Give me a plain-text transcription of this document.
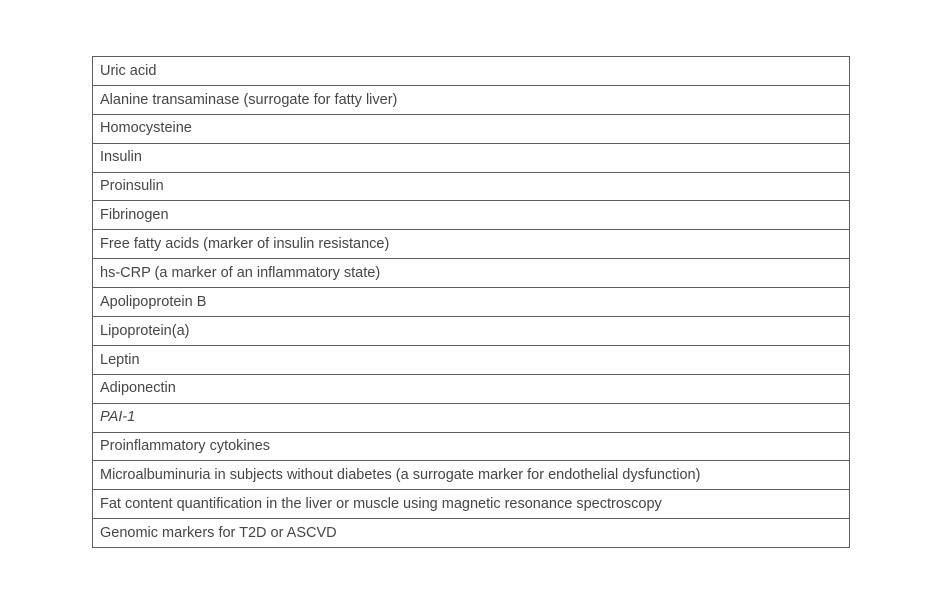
Uric acid
Alanine transaminase (surrogate for fatty liver)
Homocysteine
Insulin
Proinsulin
Fibrinogen
Free fatty acids (marker of insulin resistance)
hs-CRP (a marker of an inflammatory state)
Apolipoprotein B
Lipoprotein(a)
Leptin
Adiponectin
PAI-1
Proinflammatory cytokines
Microalbuminuria in subjects without diabetes (a surrogate marker for endothelial dysfunction)
Fat content quantification in the liver or muscle using magnetic resonance spectroscopy
Genomic markers for T2D or ASCVD
